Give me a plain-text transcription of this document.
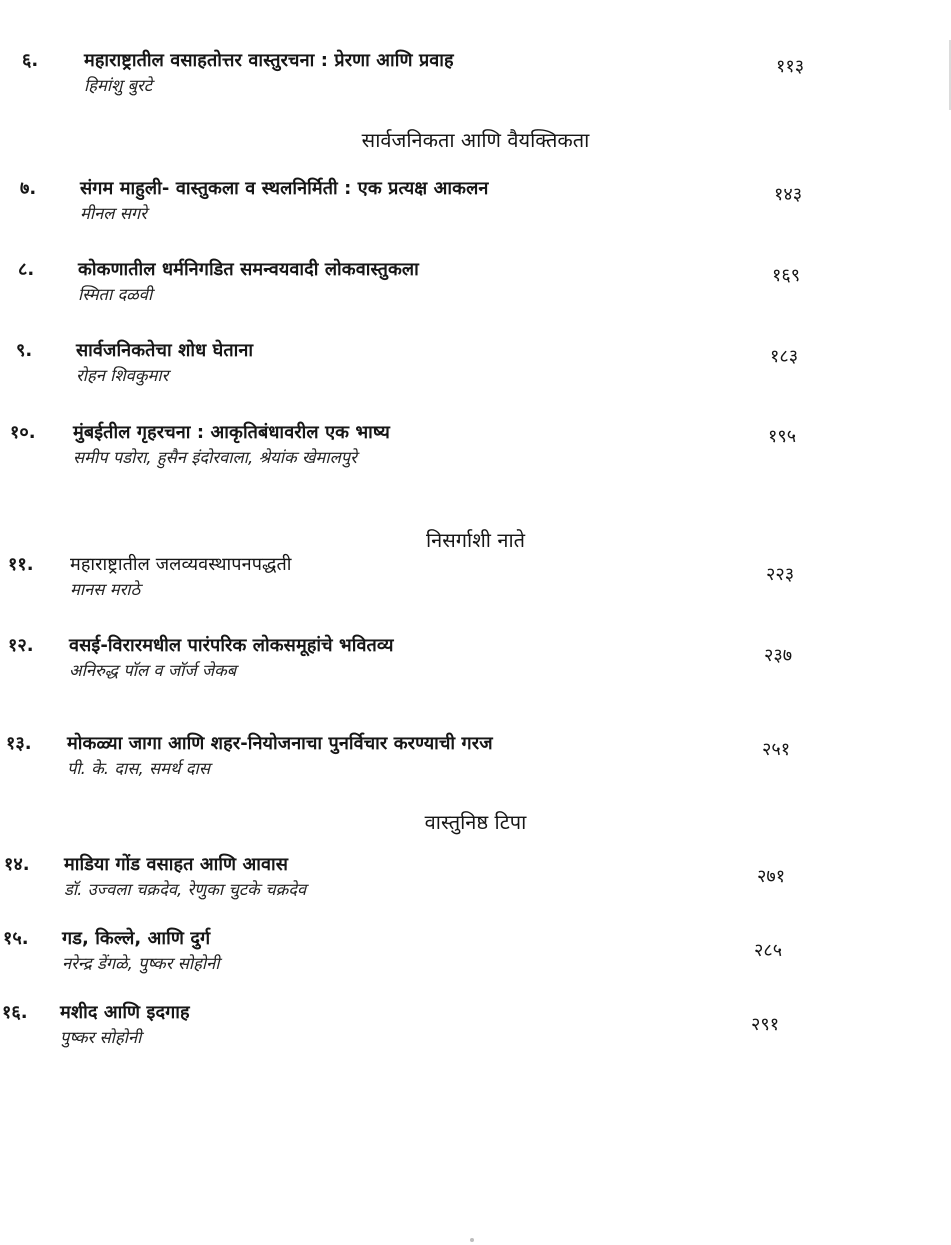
६.	महाराष्ट्रातील वसाहतोत्तर वास्तुरचना : प्रेरणा आणि प्रवाह
हिमांशु बुरटे
११३
सार्वजनिकता आणि वैयक्तिकता
७. संगम माहुली- वास्तुकला व स्थलनिर्मिती : एक प्रत्यक्ष आकलन
मीनल सगरे
१४३
८. कोकणातील धर्मनिगडित समन्वयवादी लोकवास्तुकला
स्मिता दळवी
१६९
९. सार्वजनिकतेचा शोध घेताना
रोहन शिवकुमार
१८३
१०. मुंबईतील गृहरचना : आकृतिबंधावरील एक भाष्य
समीप पडोरा, हुसैन इंदोरवाला, श्रेयांक खेमालपुरे
१९५
निसर्गाशी नाते
११. महाराष्ट्रातील जलव्यवस्थापनपद्धती
मानस मराठे
२२३
१२. वसई-विरारमधील पारंपरिक लोकसमूहांचे भवितव्य
अनिरुद्ध पॉल व जॉर्ज जेकब
२३७
१३. मोकळ्या जागा आणि शहर-नियोजनाचा पुनर्विचार करण्याची गरज
पी. के. दास, समर्थ दास
२५१
वास्तुनिष्ठ टिपा
१४. माडिया गोंड वसाहत आणि आवास
डॉ. उज्वला चक्रदेव, रेणुका चुटके चक्रदेव
२७१
१५. गड, किल्ले, आणि दुर्ग
नरेन्द्र डेंगळे, पुष्कर सोहोनी
२८५
१६. मशीद आणि इदगाह
पुष्कर सोहोनी
२९१
